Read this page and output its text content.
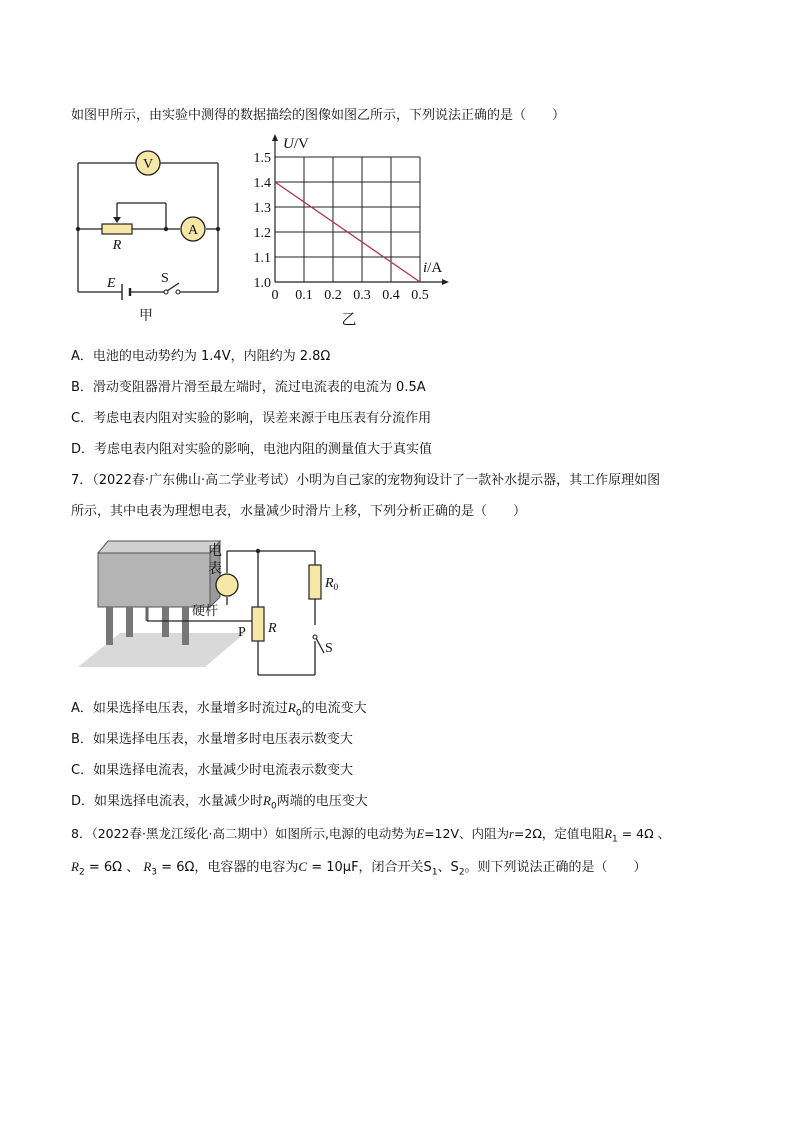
如图甲所示，由实验中测得的数据描绘的图像如图乙所示，下列说法正确的是（　　）
V
A
R
E	S
甲
0 0.1 0.2 0.3 0.4 0.5
1.0
1.1
1.2
1.3
1.4
1.5
U/V
i/A
乙
A．电池的电动势约为 1.4V，内阻约为 2.8Ω
B．滑动变阻器滑片滑至最左端时，流过电流表的电流为 0.5A
C．考虑电表内阻对实验的影响，误差来源于电压表有分流作用
D．考虑电表内阻对实验的影响，电池内阻的测量值大于真实值
7．（2022春·广东佛山·高二学业考试）小明为自己家的宠物狗设计了一款补水提示器，其工作原理如图
所示，其中电表为理想电表，水量减少时滑片上移，下列分析正确的是（　　）
电
表
硬杆
P R
$R_0$
S
A．如果选择电压表，水量增多时流过$R_0$的电流变大
B．如果选择电压表，水量增多时电压表示数变大
C．如果选择电流表，水量减少时电流表示数变大
D．如果选择电流表，水量减少时$R_0$两端的电压变大
8．（2022春·黑龙江绥化·高二期中）如图所示,电源的电动势为E=12V、内阻为r=2Ω，定值电阻$R_1 = 4\Omega$ 、
$R_2 = 6\Omega$ 、 $R_3 = 6\Omega$，电容器的电容为C = 10μF，闭合开关$S_1$、$S_2$。则下列说法正确的是（　　）
